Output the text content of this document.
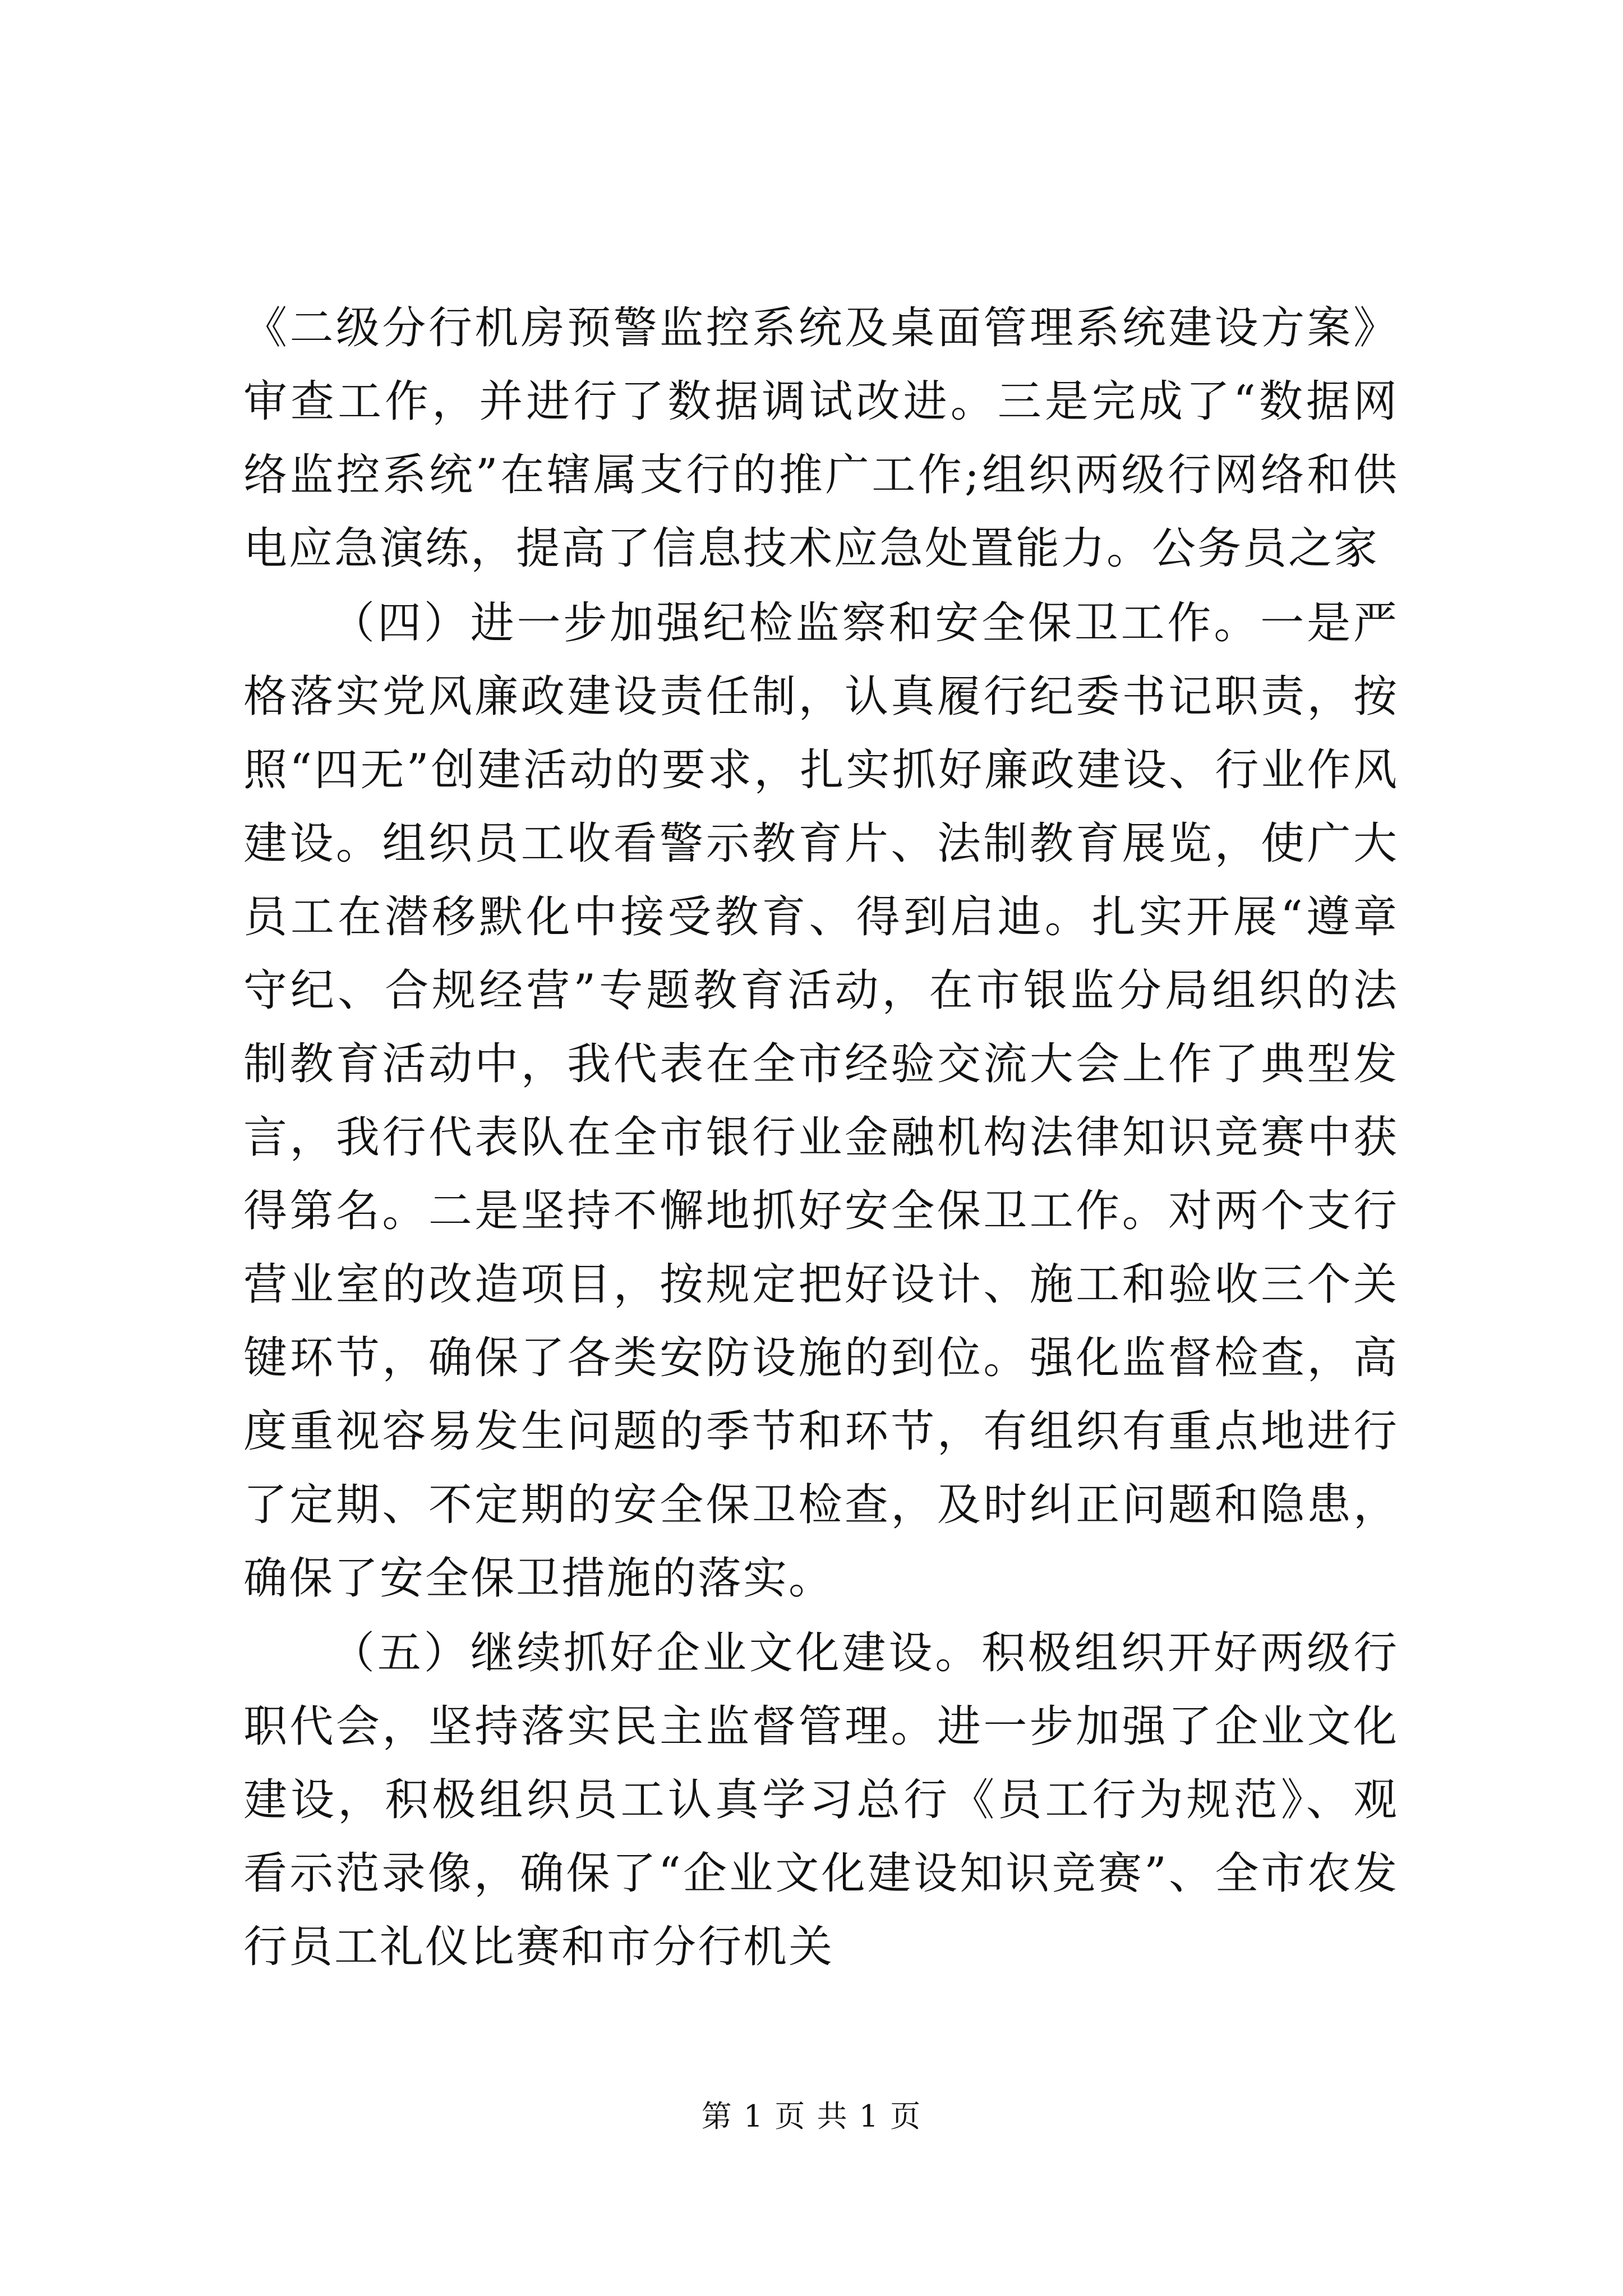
《二级分行机房预警监控系统及桌面管理系统建设方案》审查工作，并进行了数据调试改进。三是完成了“数据网络监控系统”在辖属支行的推广工作;组织两级行网络和供电应急演练，提高了信息技术应急处置能力。公务员之家

（四）进一步加强纪检监察和安全保卫工作。一是严格落实党风廉政建设责任制，认真履行纪委书记职责，按照“四无”创建活动的要求，扎实抓好廉政建设、行业作风建设。组织员工收看警示教育片、法制教育展览，使广大员工在潜移默化中接受教育、得到启迪。扎实开展“遵章守纪、合规经营”专题教育活动，在市银监分局组织的法制教育活动中，我代表在全市经验交流大会上作了典型发言，我行代表队在全市银行业金融机构法律知识竞赛中获得第名。二是坚持不懈地抓好安全保卫工作。对两个支行营业室的改造项目，按规定把好设计、施工和验收三个关键环节，确保了各类安防设施的到位。强化监督检查，高度重视容易发生问题的季节和环节，有组织有重点地进行了定期、不定期的安全保卫检查，及时纠正问题和隐患，确保了安全保卫措施的落实。

（五）继续抓好企业文化建设。积极组织开好两级行职代会，坚持落实民主监督管理。进一步加强了企业文化建设，积极组织员工认真学习总行《员工行为规范》、观看示范录像，确保了“企业文化建设知识竞赛”、全市农发行员工礼仪比赛和市分行机关

第 1 页 共 1 页
